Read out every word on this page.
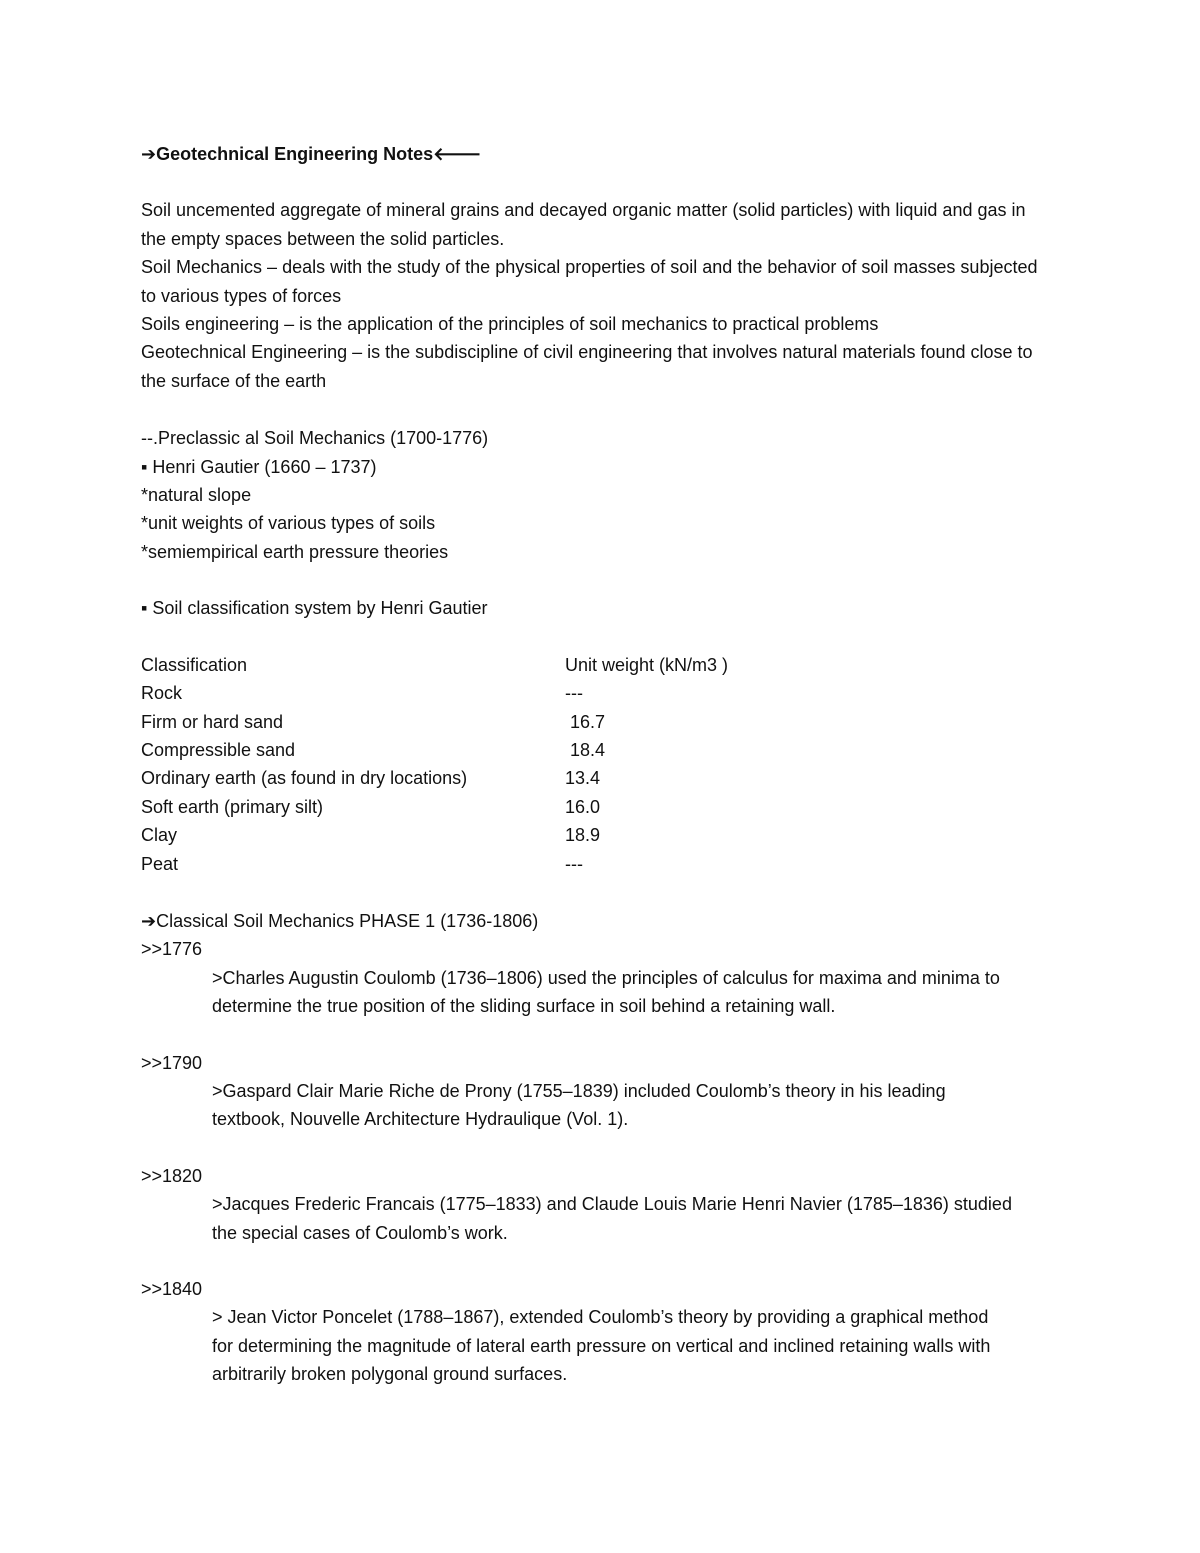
➔Geotechnical Engineering Notes🡐

Soil uncemented aggregate of mineral grains and decayed organic matter (solid particles) with liquid and gas in the empty spaces between the solid particles.

Soil Mechanics – deals with the study of the physical properties of soil and the behavior of soil masses subjected to various types of forces

Soils engineering – is the application of the principles of soil mechanics to practical problems

Geotechnical Engineering – is the subdiscipline of civil engineering that involves natural materials found close to the surface of the earth

--.Preclassic al Soil Mechanics (1700-1776)
▪ Henri Gautier (1660 – 1737)
*natural slope
*unit weights of various types of soils
*semiempirical earth pressure theories
▪ Soil classification system by Henri Gautier
Classification	Unit weight (kN/m3 )
Rock	---
Firm or hard sand	16.7
Compressible sand	18.4
Ordinary earth (as found in dry locations)	13.4
Soft earth (primary silt)	16.0
Clay	18.9
Peat	---
➔Classical Soil Mechanics PHASE 1 (1736-1806)
>>1776
>Charles Augustin Coulomb (1736–1806) used the principles of calculus for maxima and minima to determine the true position of the sliding surface in soil behind a retaining wall.
>>1790
>Gaspard Clair Marie Riche de Prony (1755–1839) included Coulomb’s theory in his leading textbook, Nouvelle Architecture Hydraulique (Vol. 1).
>>1820
>Jacques Frederic Francais (1775–1833) and Claude Louis Marie Henri Navier (1785–1836) studied the special cases of Coulomb’s work.
>>1840
> Jean Victor Poncelet (1788–1867), extended Coulomb’s theory by providing a graphical method for determining the magnitude of lateral earth pressure on vertical and inclined retaining walls with arbitrarily broken polygonal ground surfaces.
